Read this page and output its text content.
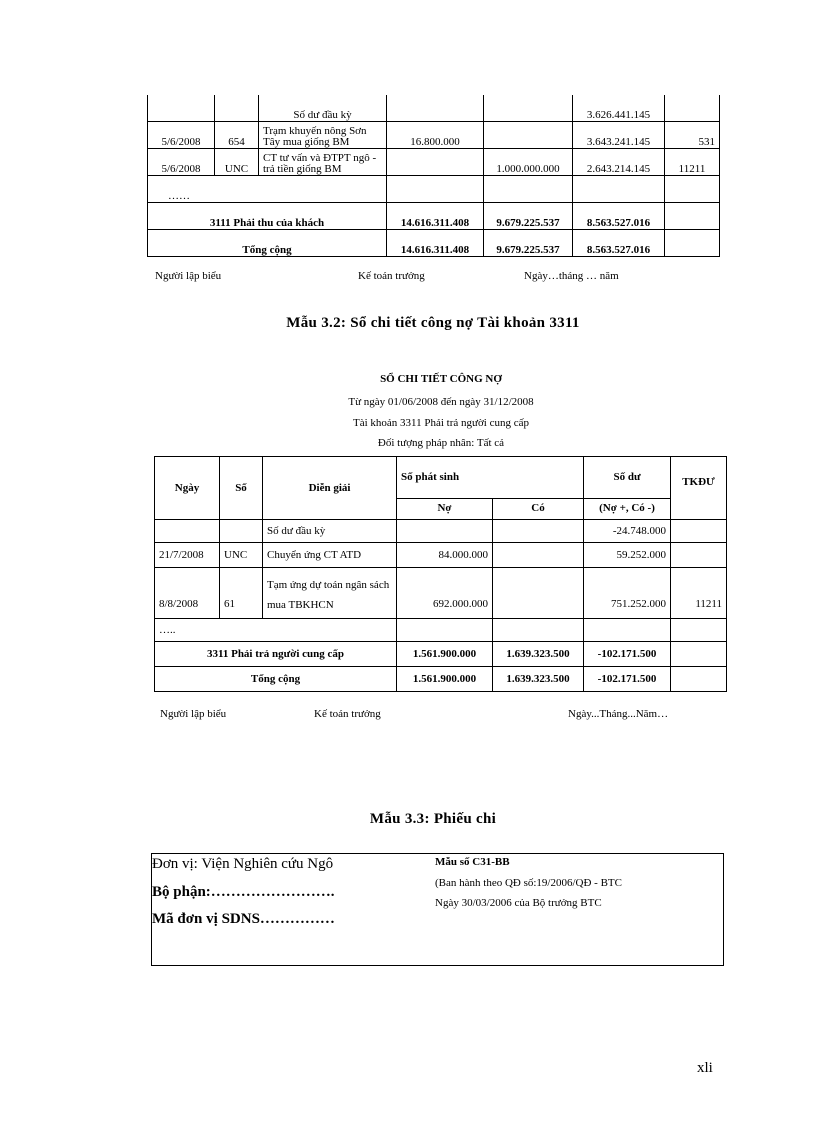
		Số dư đầu kỳ			3.626.441.145	
5/6/2008	654	Trạm khuyến nông Sơn Tây mua giống BM	16.800.000		3.643.241.145	531
5/6/2008	UNC	CT tư vấn và ĐTPT ngô - trả tiền giống BM		1.000.000.000	2.643.214.145	11211
……						
3111 Phải thu của khách			14.616.311.408	9.679.225.537	8.563.527.016	
Tổng cộng			14.616.311.408	9.679.225.537	8.563.527.016	
Người lập biểu	Kế toán trưởng	Ngày…tháng … năm
Mẫu 3.2: Sổ chi tiết công nợ Tài khoản 3311
SỔ CHI TIẾT CÔNG NỢ
Từ ngày 01/06/2008 đến ngày 31/12/2008
Tài khoản 3311 Phải trả người cung cấp
Đối tượng pháp nhân: Tất cả
Ngày	Số	Diễn giải	Số phát sinh		Số dư	TKĐƯ
			Nợ	Có	(Nợ +, Có -)	
		Số dư đầu kỳ			-24.748.000	
21/7/2008	UNC	Chuyển ứng CT ATD	84.000.000		59.252.000	
8/8/2008	61	Tạm ứng dự toán ngân sách mua TBKHCN	692.000.000		751.252.000	11211
…..						
3311 Phải trả người cung cấp			1.561.900.000	1.639.323.500	-102.171.500	
Tổng cộng			1.561.900.000	1.639.323.500	-102.171.500	
Người lập biểu	Kế toán trưởng	Ngày...Tháng...Năm…
Mẫu 3.3: Phiếu chi
Đơn vị: Viện Nghiên cứu Ngô
Bộ phận:…………………….
Mã đơn vị SDNS……………
Mẫu số C31-BB
(Ban hành theo QĐ số:19/2006/QĐ - BTC
Ngày 30/03/2006 của Bộ trưởng BTC
xli
